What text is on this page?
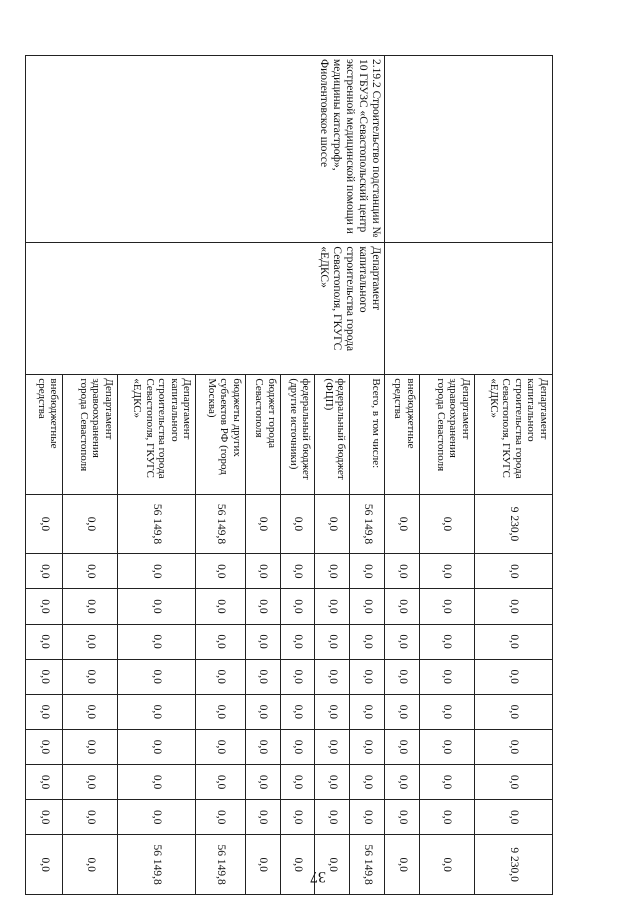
		Департамент капитального строительства города Севастополя, ГКУГС «ЕДКС»	9 230,0	0,0	0,0	0,0	0,0	0,0	0,0	0,0	0,0	9 230,0
		Департамент здравоохранения города Севастополя	0,0	0,0	0,0	0,0	0,0	0,0	0,0	0,0	0,0	0,0
		внебюджетные средства	0,0	0,0	0,0	0,0	0,0	0,0	0,0	0,0	0,0	0,0
2.19.2 Строительство подстанции № 10 ГБУЗС «Севастопольский центр экстренной медицинской помощи и медицины катастроф», Фиолентовское шоссе	Департамент капитального строительства города Севастополя, ГКУГС «ЕДКС»	Всего, в том числе:	56 149,8	0,0	0,0	0,0	0,0	0,0	0,0	0,0	0,0	56 149,8
		федеральный бюджет (ФЦП)	0,0	0,0	0,0	0,0	0,0	0,0	0,0	0,0	0,0	0,0
		федеральный бюджет (другие источники)	0,0	0,0	0,0	0,0	0,0	0,0	0,0	0,0	0,0	0,0
		бюджет города Севастополя	0,0	0,0	0,0	0,0	0,0	0,0	0,0	0,0	0,0	0,0
		бюджеты других субъектов РФ (город Москва)	56 149,8	0,0	0,0	0,0	0,0	0,0	0,0	0,0	0,0	56 149,8
		Департамент капитального строительства города Севастополя, ГКУГС «ЕДКС»	56 149,8	0,0	0,0	0,0	0,0	0,0	0,0	0,0	0,0	56 149,8
		Департамент здравоохранения города Севастополя	0,0	0,0	0,0	0,0	0,0	0,0	0,0	0,0	0,0	0,0
		внебюджетные средства	0,0	0,0	0,0	0,0	0,0	0,0	0,0	0,0	0,0	0,0
37
